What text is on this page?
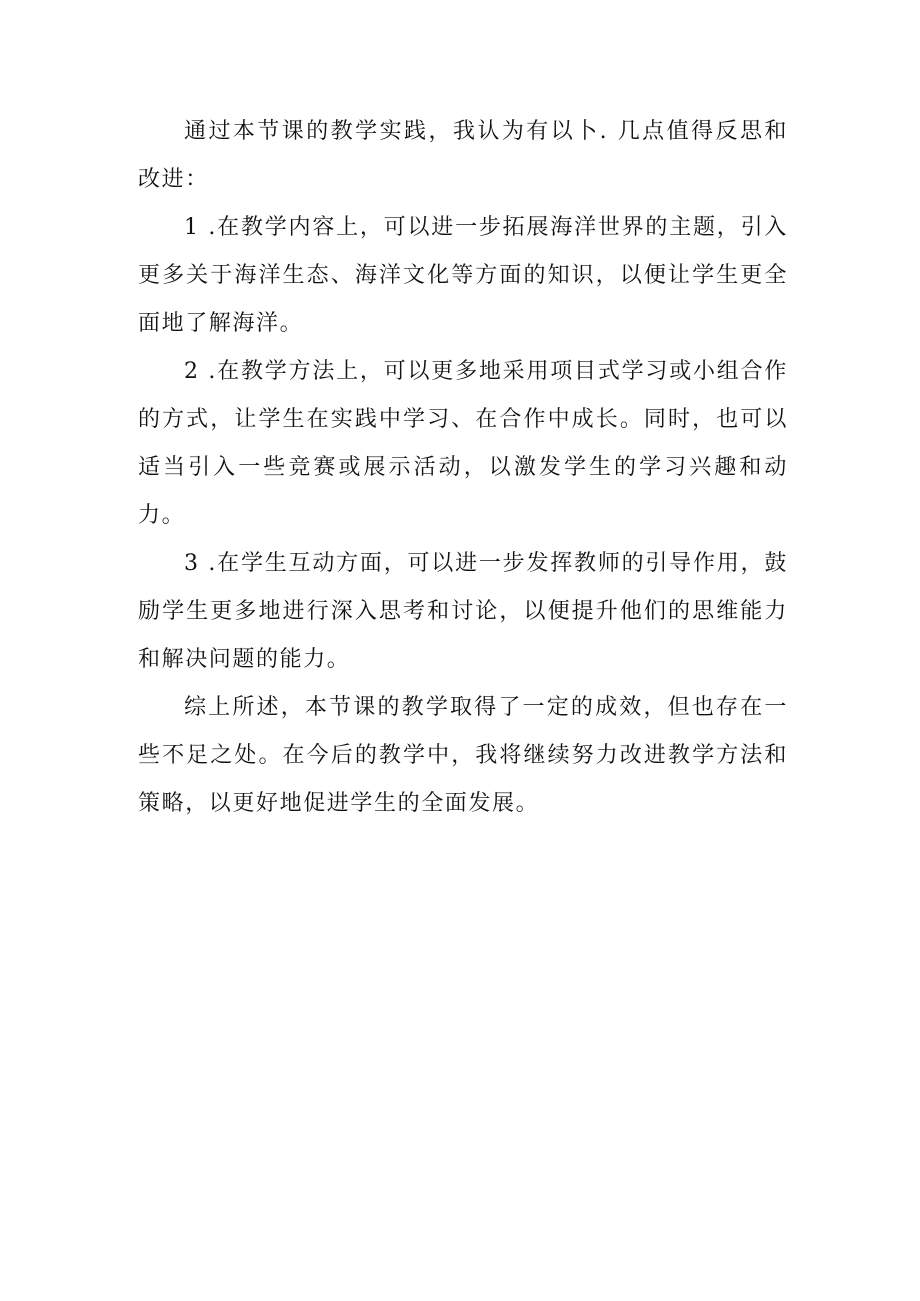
通过本节课的教学实践，我认为有以卜. 几点值得反思和改进：

1 .在教学内容上，可以进一步拓展海洋世界的主题，引入更多关于海洋生态、海洋文化等方面的知识，以便让学生更全面地了解海洋。

2 .在教学方法上，可以更多地采用项目式学习或小组合作的方式，让学生在实践中学习、在合作中成长。同时，也可以适当引入一些竞赛或展示活动，以激发学生的学习兴趣和动力。

3 .在学生互动方面，可以进一步发挥教师的引导作用，鼓励学生更多地进行深入思考和讨论，以便提升他们的思维能力和解决问题的能力。

综上所述，本节课的教学取得了一定的成效，但也存在一些不足之处。在今后的教学中，我将继续努力改进教学方法和策略，以更好地促进学生的全面发展。
